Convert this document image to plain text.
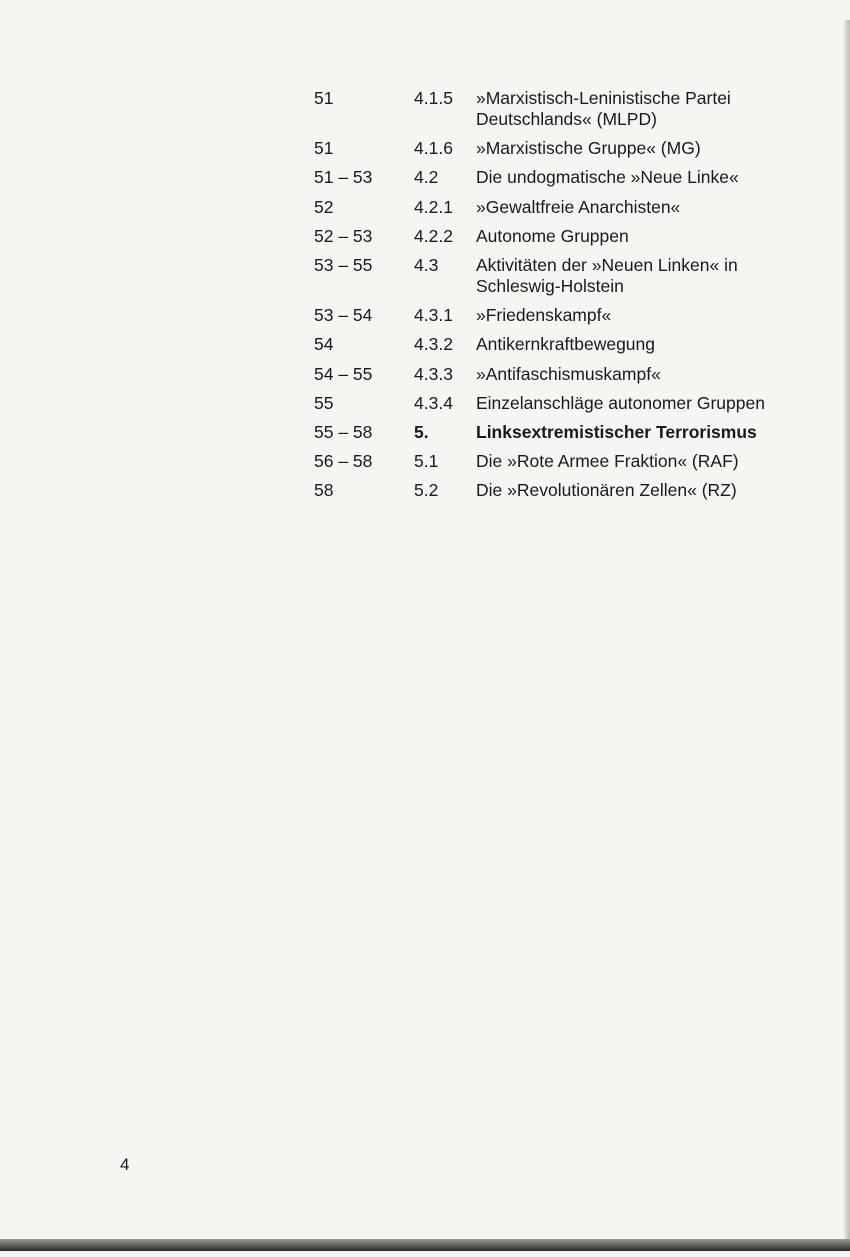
51	4.1.5	»Marxistisch-Leninistische Partei Deutschlands« (MLPD)
51	4.1.6	»Marxistische Gruppe« (MG)
51 – 53	4.2	Die undogmatische »Neue Linke«
52	4.2.1	»Gewaltfreie Anarchisten«
52 – 53	4.2.2	Autonome Gruppen
53 – 55	4.3	Aktivitäten der »Neuen Linken« in Schleswig-Holstein
53 – 54	4.3.1	»Friedenskampf«
54	4.3.2	Antikernkraftbewegung
54 – 55	4.3.3	»Antifaschismuskampf«
55	4.3.4	Einzelanschläge autonomer Gruppen
55 – 58	5.	Linksextremistischer Terrorismus
56 – 58	5.1	Die »Rote Armee Fraktion« (RAF)
58	5.2	Die »Revolutionären Zellen« (RZ)
4
